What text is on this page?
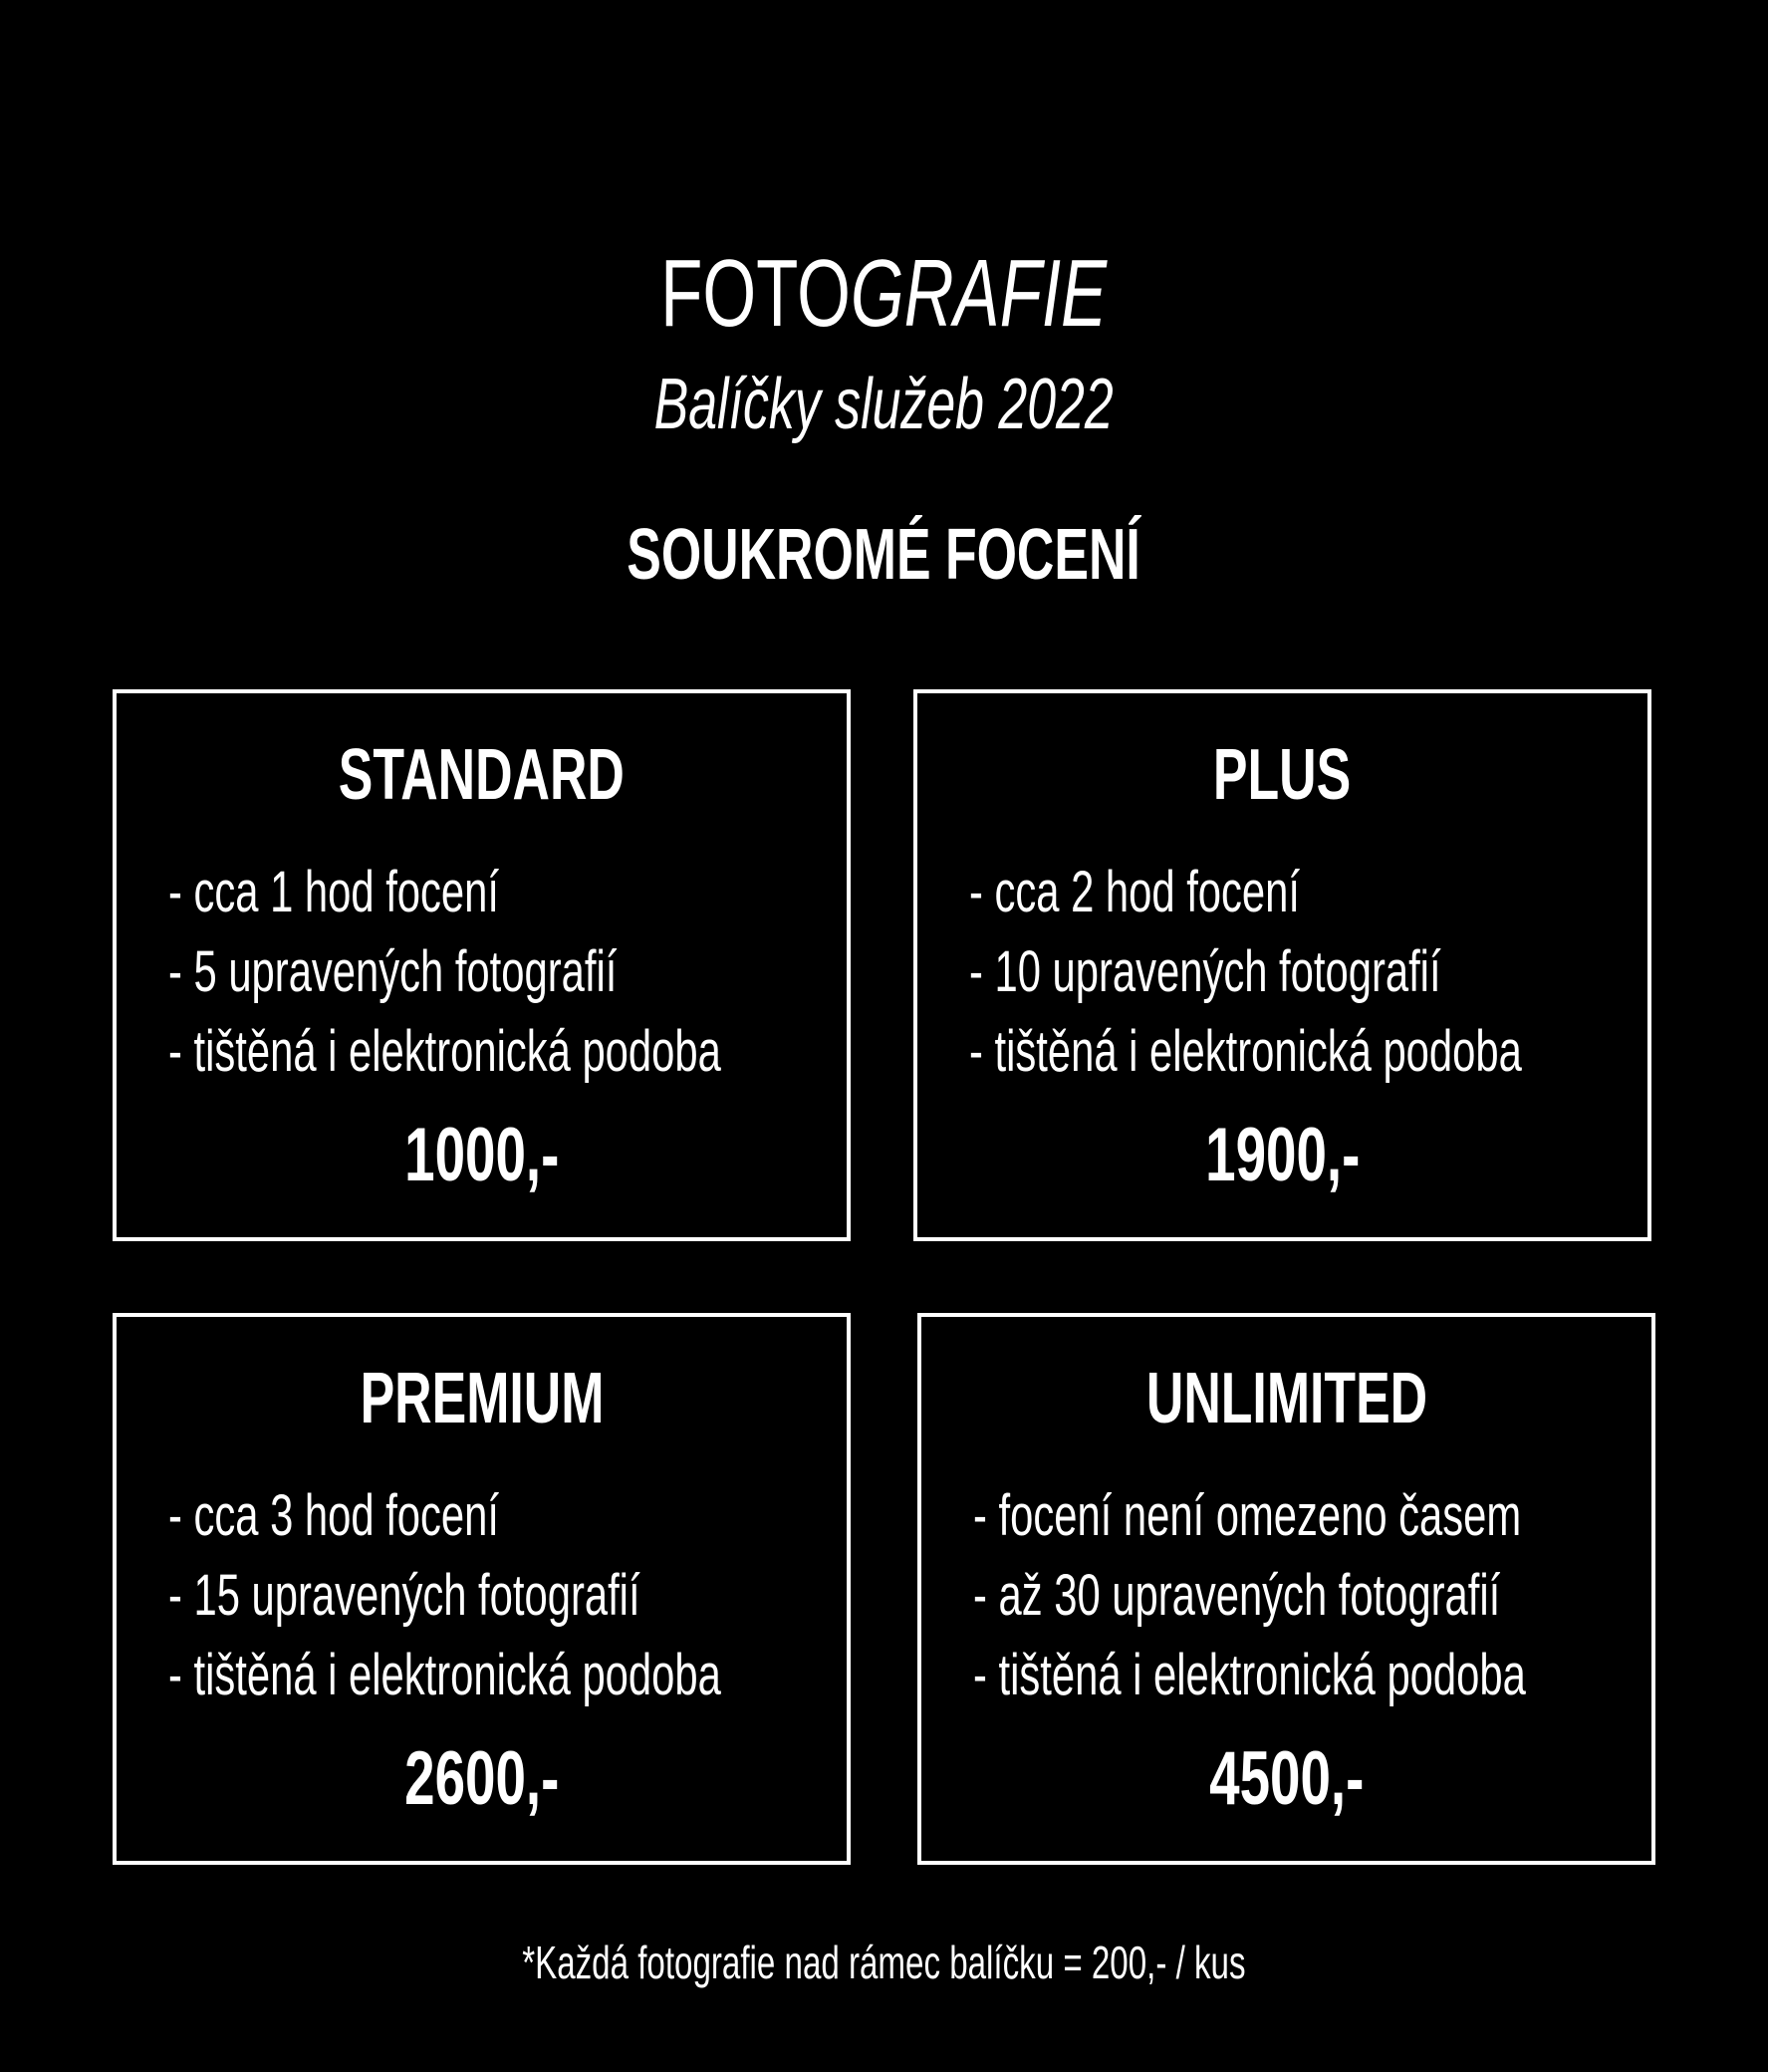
FOTOGRAFIE
Balíčky služeb 2022
SOUKROMÉ FOCENÍ
STANDARD
- cca 1 hod focení
- 5 upravených fotografií
- tištěná i elektronická podoba
1000,-
PLUS
- cca 2 hod focení
- 10 upravených fotografií
- tištěná i elektronická podoba
1900,-
PREMIUM
- cca 3 hod focení
- 15 upravených fotografií
- tištěná i elektronická podoba
2600,-
UNLIMITED
- focení není omezeno časem
- až 30 upravených fotografií
- tištěná i elektronická podoba
4500,-
*Každá fotografie nad rámec balíčku = 200,- / kus
